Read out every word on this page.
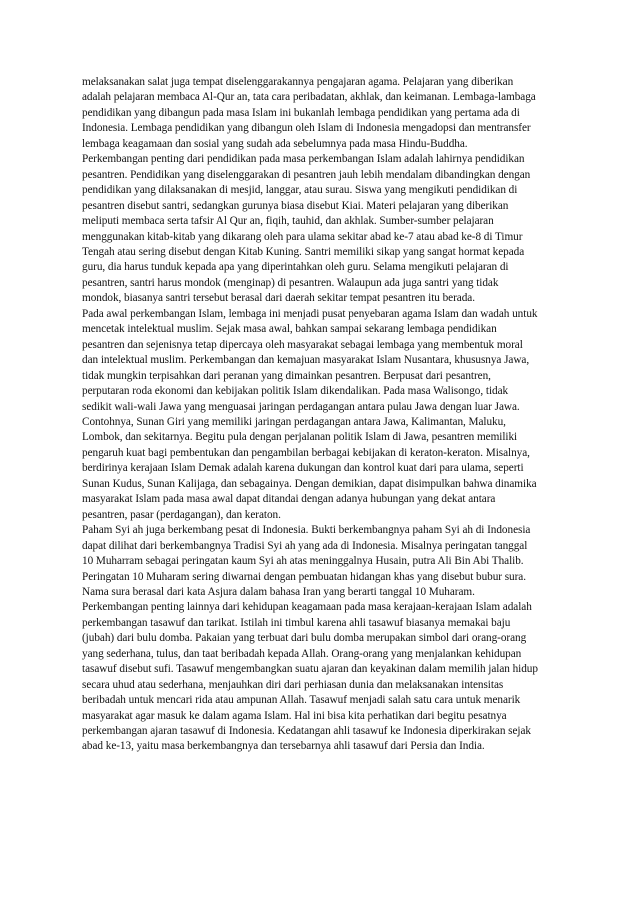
melaksanakan salat juga tempat diselenggarakannya pengajaran agama. Pelajaran yang diberikan adalah pelajaran membaca Al-Qur an, tata cara peribadatan, akhlak, dan keimanan. Lembaga-lambaga pendidikan yang dibangun pada masa Islam ini bukanlah lembaga pendidikan yang pertama ada di Indonesia. Lembaga pendidikan yang dibangun oleh Islam di Indonesia mengadopsi dan mentransfer lembaga keagamaan dan sosial yang sudah ada sebelumnya pada masa Hindu-Buddha.

Perkembangan penting dari pendidikan pada masa perkembangan Islam adalah lahirnya pendidikan pesantren. Pendidikan yang diselenggarakan di pesantren jauh lebih mendalam dibandingkan dengan pendidikan yang dilaksanakan di mesjid, langgar, atau surau. Siswa yang mengikuti pendidikan di pesantren disebut santri, sedangkan gurunya biasa disebut Kiai. Materi pelajaran yang diberikan meliputi membaca serta tafsir Al Qur an, fiqih, tauhid, dan akhlak. Sumber-sumber pelajaran menggunakan kitab-kitab yang dikarang oleh para ulama sekitar abad ke-7 atau abad ke-8 di Timur Tengah atau sering disebut dengan Kitab Kuning. Santri memiliki sikap yang sangat hormat kepada guru, dia harus tunduk kepada apa yang diperintahkan oleh guru. Selama mengikuti pelajaran di pesantren, santri harus mondok (menginap) di pesantren. Walaupun ada juga santri yang tidak mondok, biasanya santri tersebut berasal dari daerah sekitar tempat pesantren itu berada.

Pada awal perkembangan Islam, lembaga ini menjadi pusat penyebaran agama Islam dan wadah untuk mencetak intelektual muslim. Sejak masa awal, bahkan sampai sekarang lembaga pendidikan pesantren dan sejenisnya tetap dipercaya oleh masyarakat sebagai lembaga yang membentuk moral dan intelektual muslim. Perkembangan dan kemajuan masyarakat Islam Nusantara, khususnya Jawa, tidak mungkin terpisahkan dari peranan yang dimainkan pesantren. Berpusat dari pesantren, perputaran roda ekonomi dan kebijakan politik Islam dikendalikan. Pada masa Walisongo, tidak sedikit wali-wali Jawa yang menguasai jaringan perdagangan antara pulau Jawa dengan luar Jawa. Contohnya, Sunan Giri yang memiliki jaringan perdagangan antara Jawa, Kalimantan, Maluku, Lombok, dan sekitarnya. Begitu pula dengan perjalanan politik Islam di Jawa, pesantren memiliki pengaruh kuat bagi pembentukan dan pengambilan berbagai kebijakan di keraton-keraton. Misalnya, berdirinya kerajaan Islam Demak adalah karena dukungan dan kontrol kuat dari para ulama, seperti Sunan Kudus, Sunan Kalijaga, dan sebagainya. Dengan demikian, dapat disimpulkan bahwa dinamika masyarakat Islam pada masa awal dapat ditandai dengan adanya hubungan yang dekat antara pesantren, pasar (perdagangan), dan keraton.

Paham Syi ah juga berkembang pesat di Indonesia. Bukti berkembangnya paham Syi ah di Indonesia dapat dilihat dari berkembangnya Tradisi Syi ah yang ada di Indonesia. Misalnya peringatan tanggal 10 Muharram sebagai peringatan kaum Syi ah atas meninggalnya Husain, putra Ali Bin Abi Thalib. Peringatan 10 Muharam sering diwarnai dengan pembuatan hidangan khas yang disebut bubur sura. Nama sura berasal dari kata Asjura dalam bahasa Iran yang berarti tanggal 10 Muharam.

Perkembangan penting lainnya dari kehidupan keagamaan pada masa kerajaan-kerajaan Islam adalah perkembangan tasawuf dan tarikat. Istilah ini timbul karena ahli tasawuf biasanya memakai baju (jubah) dari bulu domba. Pakaian yang terbuat dari bulu domba merupakan simbol dari orang-orang yang sederhana, tulus, dan taat beribadah kepada Allah. Orang-orang yang menjalankan kehidupan tasawuf disebut sufi. Tasawuf mengembangkan suatu ajaran dan keyakinan dalam memilih jalan hidup secara uhud atau sederhana, menjauhkan diri dari perhiasan dunia dan melaksanakan intensitas beribadah untuk mencari rida atau ampunan Allah. Tasawuf menjadi salah satu cara untuk menarik masyarakat agar masuk ke dalam agama Islam. Hal ini bisa kita perhatikan dari begitu pesatnya perkembangan ajaran tasawuf di Indonesia. Kedatangan ahli tasawuf ke Indonesia diperkirakan sejak abad ke-13, yaitu masa berkembangnya dan tersebarnya ahli tasawuf dari Persia dan India.
